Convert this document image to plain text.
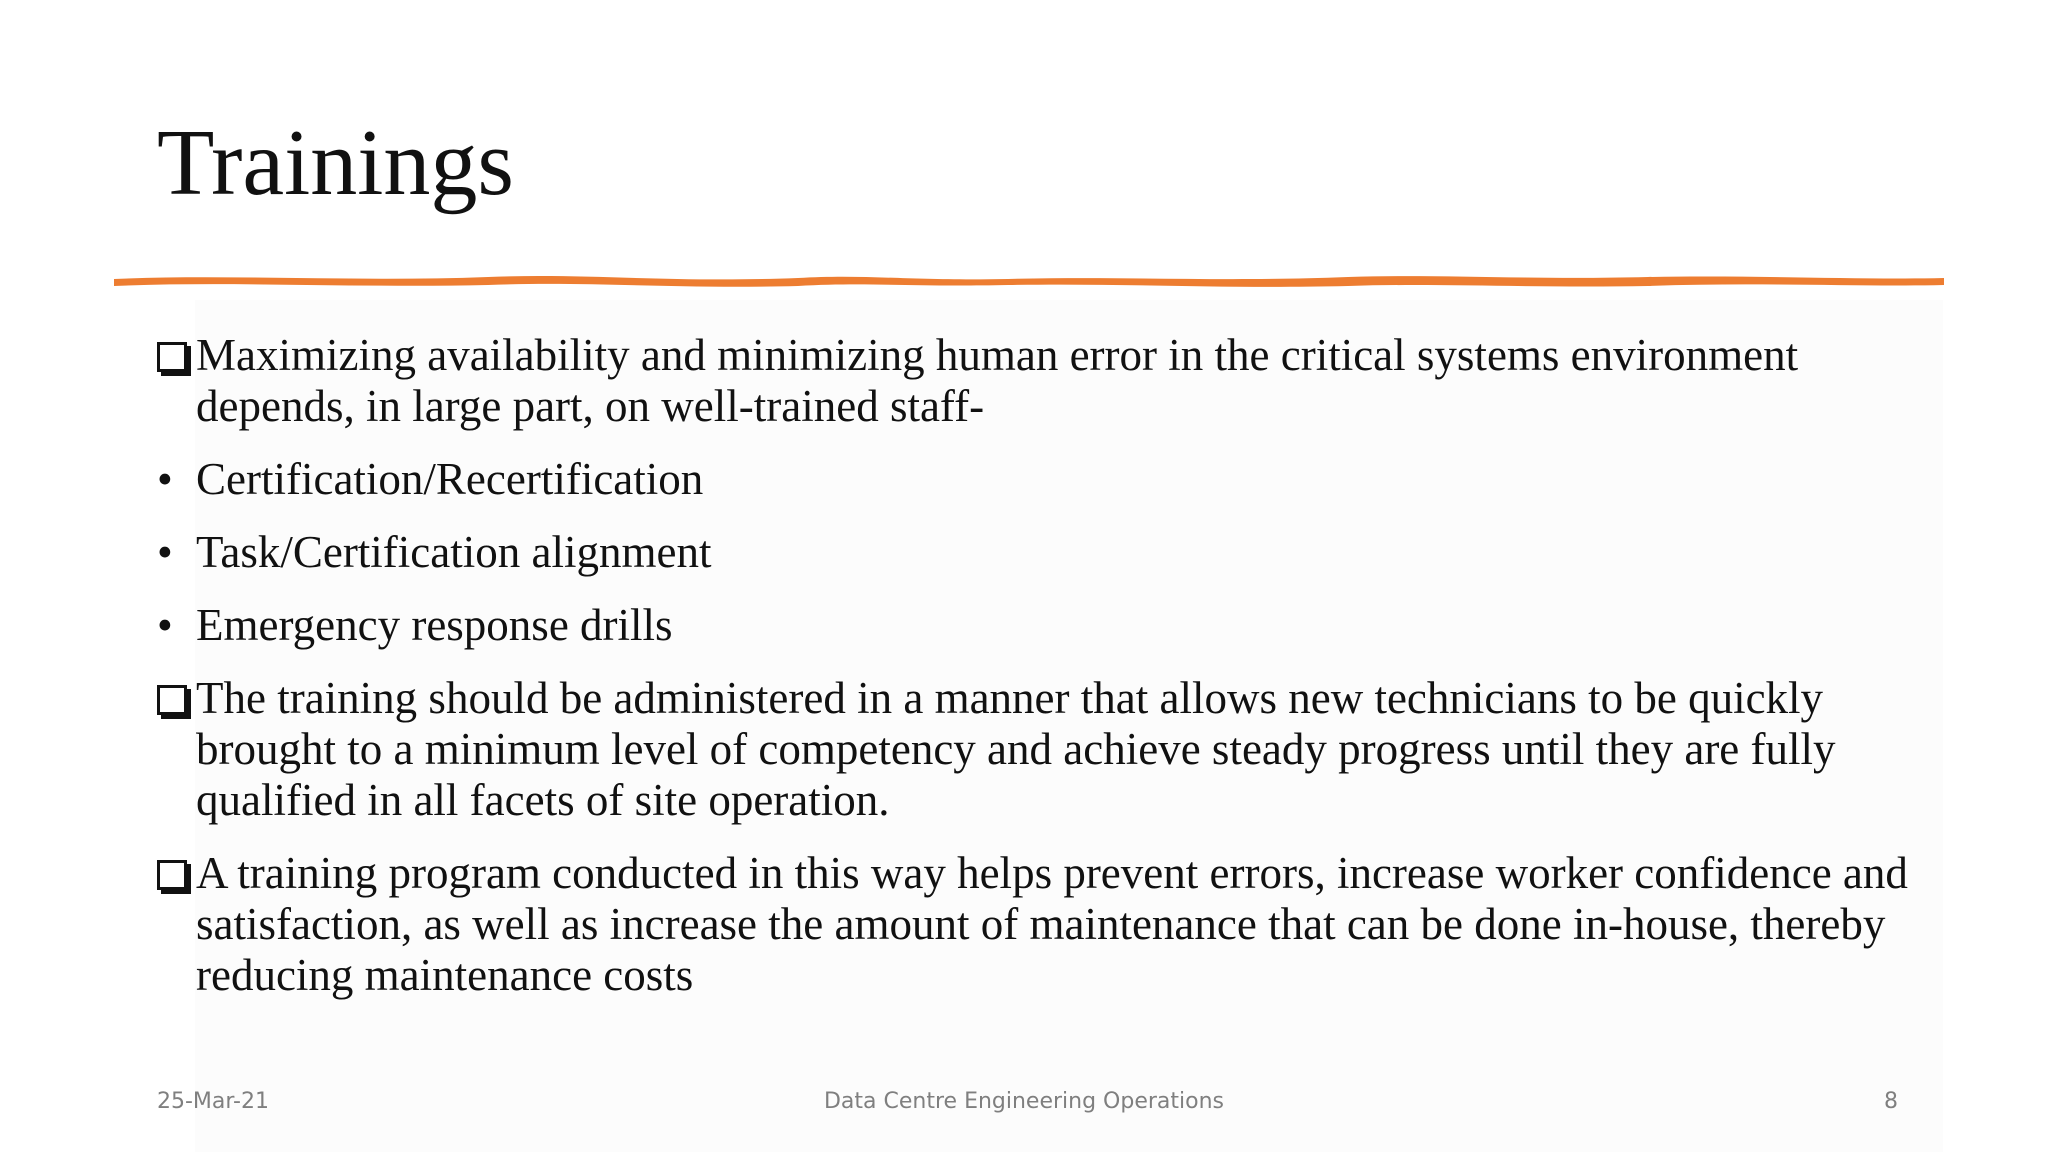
Trainings
Maximizing availability and minimizing human error in the critical systems environment depends, in large part, on well-trained staff-
• Certification/Recertification
• Task/Certification alignment
• Emergency response drills
The training should be administered in a manner that allows new technicians to be quickly brought to a minimum level of competency and achieve steady progress until they are fully qualified in all facets of site operation.
A training program conducted in this way helps prevent errors, increase worker confidence and satisfaction, as well as increase the amount of maintenance that can be done in-house, thereby reducing maintenance costs
25-Mar-21	Data Centre Engineering Operations	8
